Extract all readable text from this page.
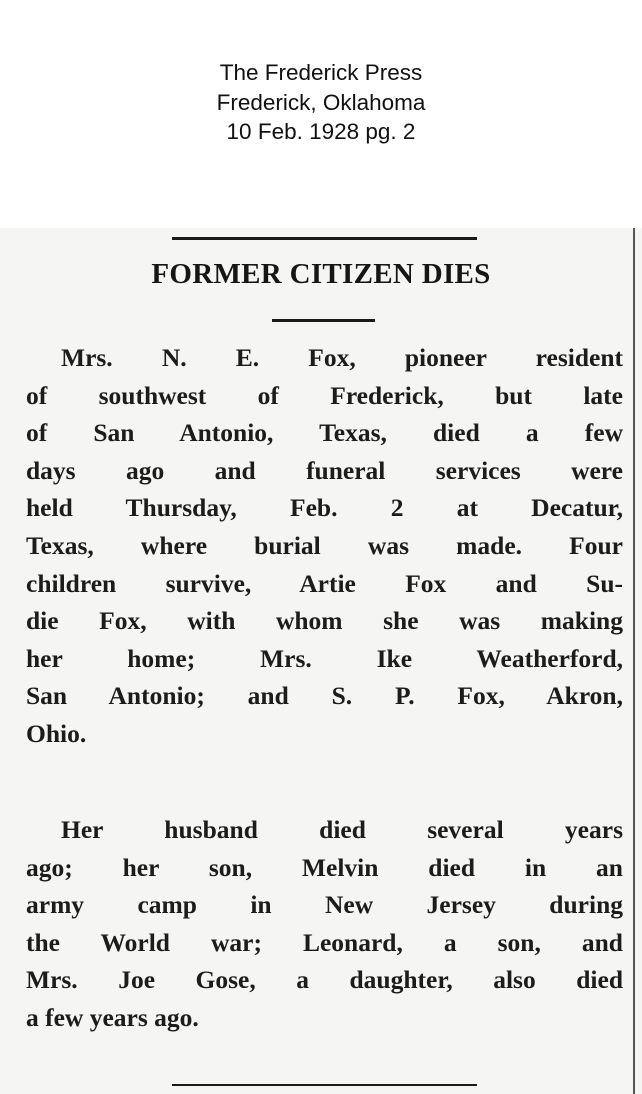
The Frederick Press
Frederick, Oklahoma
10 Feb. 1928 pg. 2
FORMER CITIZEN DIES
Mrs. N. E. Fox, pioneer resident
of southwest of Frederick, but late
of San Antonio, Texas, died a few
days ago and funeral services were
held Thursday, Feb. 2 at Decatur,
Texas, where burial was made. Four
children survive, Artie Fox and Su-
die Fox, with whom she was making
her home; Mrs. Ike Weatherford,
San Antonio; and S. P. Fox, Akron,
Ohio.
Her husband died several years
ago; her son, Melvin died in an
army camp in New Jersey during
the World war; Leonard, a son, and
Mrs. Joe Gose, a daughter, also died
a few years ago.
